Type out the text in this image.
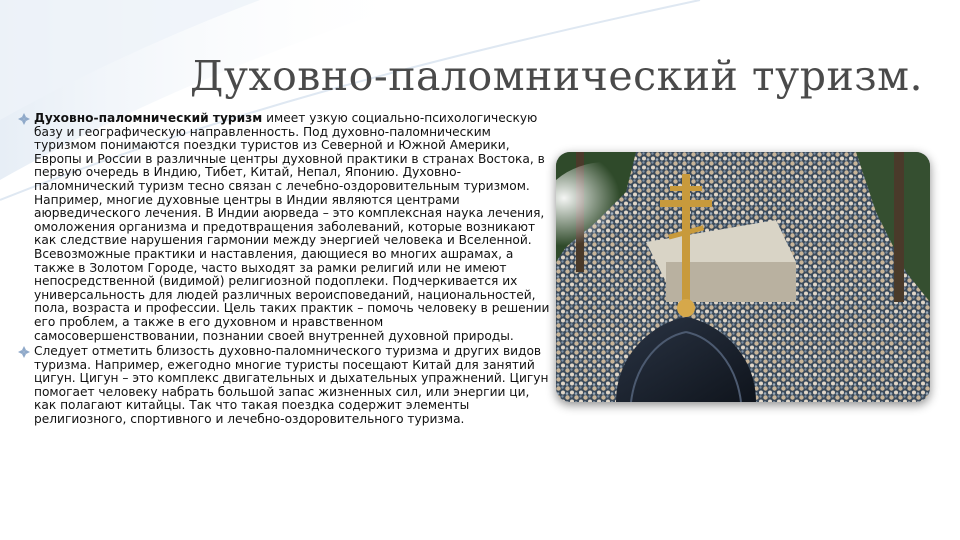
Духовно-паломнический туризм.

Духовно-паломнический туризм имеет узкую социально-психологическую базу и географическую направленность. Под духовно-паломническим туризмом понимаются поездки туристов из Северной и Южной Америки, Европы и России в различные центры духовной практики в странах Востока, в первую очередь в Индию, Тибет, Китай, Непал, Японию. Духовно-паломнический туризм тесно связан с лечебно-оздоровительным туризмом. Например, многие духовные центры в Индии являются центрами аюрведического лечения. В Индии аюрведа – это комплексная наука лечения, омоложения организма и предотвращения заболеваний, которые возникают как следствие нарушения гармонии между энергией человека и Вселенной. Всевозможные практики и наставления, дающиеся во многих ашрамах, а также в Золотом Городе, часто выходят за рамки религий или не имеют непосредственной (видимой) религиозной подоплеки. Подчеркивается их универсальность для людей различных вероисповеданий, национальностей, пола, возраста и профессии. Цель таких практик – помочь человеку в решении его проблем, а также в его духовном и нравственном самосовершенствовании, познании своей внутренней духовной природы.

Следует отметить близость духовно-паломнического туризма и других видов туризма. Например, ежегодно многие туристы посещают Китай для занятий цигун. Цигун – это комплекс двигательных и дыхательных упражнений. Цигун помогает человеку набрать большой запас жизненных сил, или энергии ци, как полагают китайцы. Так что такая поездка содержит элементы религиозного, спортивного и лечебно-оздоровительного туризма.
